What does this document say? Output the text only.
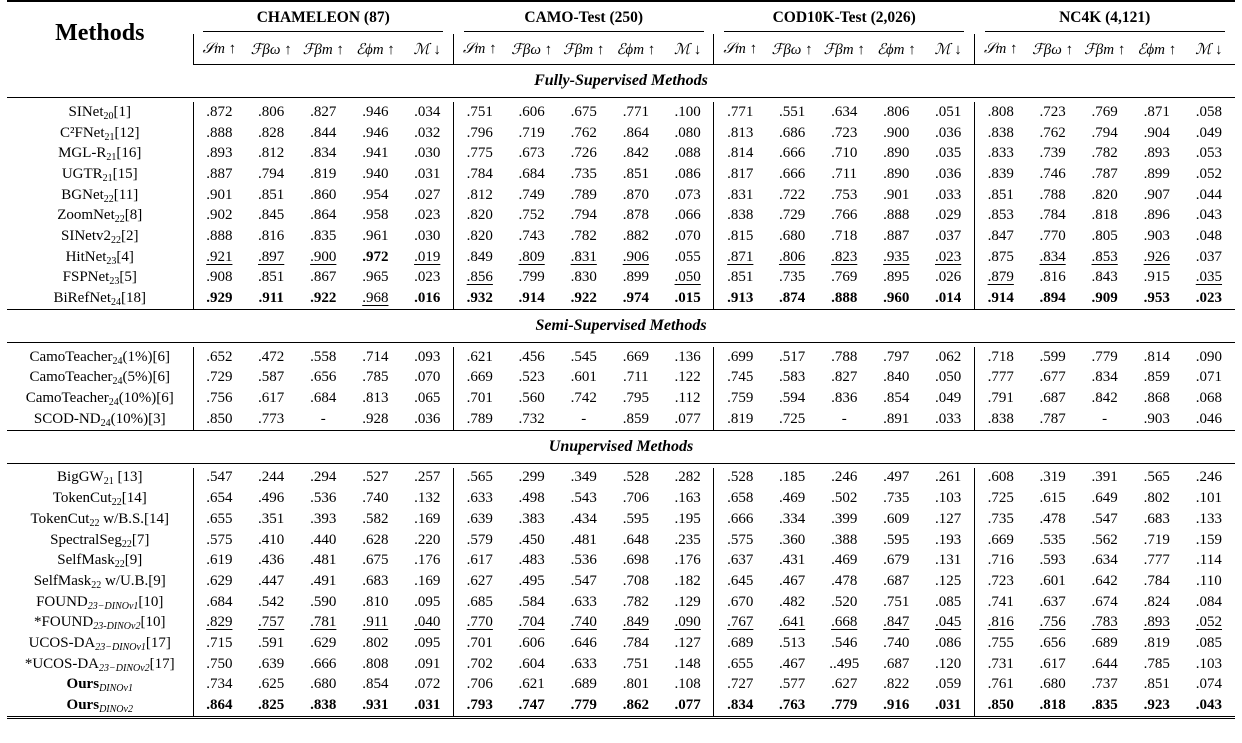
Methods	CHAMELEON (87)					CAMO-Test (250)					COD10K-Test (2,026)					NC4K (4,121)				
	𝒮m ↑	ℱβω ↑	ℱβm ↑	ℰϕm ↑	ℳ ↓	𝒮m ↑	ℱβω ↑	ℱβm ↑	ℰϕm ↑	ℳ ↓	𝒮m ↑	ℱβω ↑	ℱβm ↑	ℰϕm ↑	ℳ ↓	𝒮m ↑	ℱβω ↑	ℱβm ↑	ℰϕm ↑	ℳ ↓
Fully-Supervised Methods																				

SINet$_{20}$[1]	.872	.806	.827	.946	.034	.751	.606	.675	.771	.100	.771	.551	.634	.806	.051	.808	.723	.769	.871	.058
C²FNet$_{21}$[12]	.888	.828	.844	.946	.032	.796	.719	.762	.864	.080	.813	.686	.723	.900	.036	.838	.762	.794	.904	.049
MGL-$R_{21}[16]$	.893	.812	.834	.941	.030	.775	.673	.726	.842	.088	.814	.666	.710	.890	.035	.833	.739	.782	.893	.053
$UGTR_{21}[15]$	.887	.794	.819	.940	.031	.784	.684	.735	.851	.086	.817	.666	.711	.890	.036	.839	.746	.787	.899	.052
BGNet$_{22}$[11]	.901	.851	.860	.954	.027	.812	.749	.789	.870	.073	.831	.722	.753	.901	.033	.851	.788	.820	.907	.044
ZoomNet$_{22}$[8]	.902	.845	.864	.958	.023	.820	.752	.794	.878	.066	.838	.729	.766	.888	.029	.853	.784	.818	.896	.043
$SINetv2_{22}[2]$	.888	.816	.835	.961	.030	.820	.743	.782	.882	.070	.815	.680	.718	.887	.037	.847	.770	.805	.903	.048
HitNet$_{23}$[4]	.921	.897	.900	.972	.019	.849	.809	.831	.906	.055	.871	.806	.823	.935	.023	.875	.834	.853	.926	.037
FSPNet$_{23}$[5]	.908	.851	.867	.965	.023	.856	.799	.830	.899	.050	.851	.735	.769	.895	.026	.879	.816	.843	.915	.035
BiRefNet$_{24}$[18]	.929	.911	.922	.968	.016	.932	.914	.922	.974	.015	.913	.874	.888	.960	.014	.914	.894	.909	.953	.023
Semi-Supervised Methods																				

CamoTeacher$_{24}$(1%)[6]	.652	.472	.558	.714	.093	.621	.456	.545	.669	.136	.699	.517	.788	.797	.062	.718	.599	.779	.814	.090
CamoTeacher$_{24}$(5%)[6]	.729	.587	.656	.785	.070	.669	.523	.601	.711	.122	.745	.583	.827	.840	.050	.777	.677	.834	.859	.071
CamoTeacher$_{24}$(10%)[6]	.756	.617	.684	.813	.065	.701	.560	.742	.795	.112	.759	.594	.836	.854	.049	.791	.687	.842	.868	.068
SCOD-$ND_{24}(10\%)[3]$	.850	.773	-	.928	.036	.789	.732	-	.859	.077	.819	.725	-	.891	.033	.838	.787	-	.903	.046
Unupervised Methods																				

BigGW$_{21}$ [13]	.547	.244	.294	.527	.257	.565	.299	.349	.528	.282	.528	.185	.246	.497	.261	.608	.319	.391	.565	.246
TokenCut$_{22}$[14]	.654	.496	.536	.740	.132	.633	.498	.543	.706	.163	.658	.469	.502	.735	.103	.725	.615	.649	.802	.101
TokenCut$_{22}$ w/B.S.[14]	.655	.351	.393	.582	.169	.639	.383	.434	.595	.195	.666	.334	.399	.609	.127	.735	.478	.547	.683	.133
SpectralSeg$_{22}$[7]	.575	.410	.440	.628	.220	.579	.450	.481	.648	.235	.575	.360	.388	.595	.193	.669	.535	.562	.719	.159
SelfMask$_{22}$[9]	.619	.436	.481	.675	.176	.617	.483	.536	.698	.176	.637	.431	.469	.679	.131	.716	.593	.634	.777	.114
SelfMask$_{22}$ w/U.B.[9]	.629	.447	.491	.683	.169	.627	.495	.547	.708	.182	.645	.467	.478	.687	.125	.723	.601	.642	.784	.110
$FOUND_{23-DINOv1}[10]$	.684	.542	.590	.810	.095	.685	.584	.633	.782	.129	.670	.482	.520	.751	.085	.741	.637	.674	.824	.084
$*FOUND_{23-DINOv2}[10]$	.829	.757	.781	.911	.040	.770	.704	.740	.849	.090	.767	.641	.668	.847	.045	.816	.756	.783	.893	.052
UCOS-$DA_{23-DINOv1}[17]$	.715	.591	.629	.802	.095	.701	.606	.646	.784	.127	.689	.513	.546	.740	.086	.755	.656	.689	.819	.085
$*UCOS-DA_{23-DINOv2}[17]$	.750	.639	.666	.808	.091	.702	.604	.633	.751	.148	.655	.467	..495	.687	.120	.731	.617	.644	.785	.103
Ours$_{DINOv1}$	.734	.625	.680	.854	.072	.706	.621	.689	.801	.108	.727	.577	.627	.822	.059	.761	.680	.737	.851	.074
Ours$_{DINOv2}$	.864	.825	.838	.931	.031	.793	.747	.779	.862	.077	.834	.763	.779	.916	.031	.850	.818	.835	.923	.043
